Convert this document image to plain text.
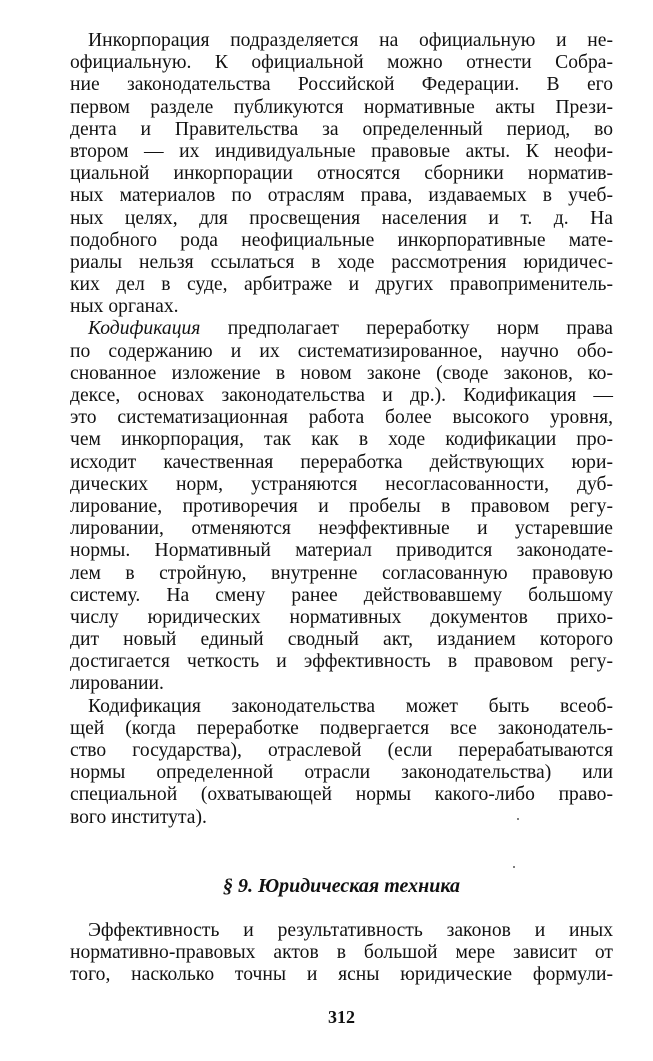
Инкорпорация подразделяется на официальную и не-
официальную. К официальной можно отнести Собра-
ние законодательства Российской Федерации. В его
первом разделе публикуются нормативные акты Прези-
дента и Правительства за определенный период, во
втором — их индивидуальные правовые акты. К неофи-
циальной инкорпорации относятся сборники норматив-
ных материалов по отраслям права, издаваемых в учеб-
ных целях, для просвещения населения и т. д. На
подобного рода неофициальные инкорпоративные мате-
риалы нельзя ссылаться в ходе рассмотрения юридичес-
ких дел в суде, арбитраже и других правоприменитель-
ных органах.
Кодификация предполагает переработку норм права
по содержанию и их систематизированное, научно обо-
снованное изложение в новом законе (своде законов, ко-
дексе, основах законодательства и др.). Кодификация —
это систематизационная работа более высокого уровня,
чем инкорпорация, так как в ходе кодификации про-
исходит качественная переработка действующих юри-
дических норм, устраняются несогласованности, дуб-
лирование, противоречия и пробелы в правовом регу-
лировании, отменяются неэффективные и устаревшие
нормы. Нормативный материал приводится законодате-
лем в стройную, внутренне согласованную правовую
систему. На смену ранее действовавшему большому
числу юридических нормативных документов прихо-
дит новый единый сводный акт, изданием которого
достигается четкость и эффективность в правовом регу-
лировании.
Кодификация законодательства может быть всеоб-
щей (когда переработке подвергается все законодатель-
ство государства), отраслевой (если перерабатываются
нормы определенной отрасли законодательства) или
специальной (охватывающей нормы какого-либо право-
вого института).
§ 9. Юридическая техника
Эффективность и результативность законов и иных
нормативно-правовых актов в большой мере зависит от
того, насколько точны и ясны юридические формули-
312
